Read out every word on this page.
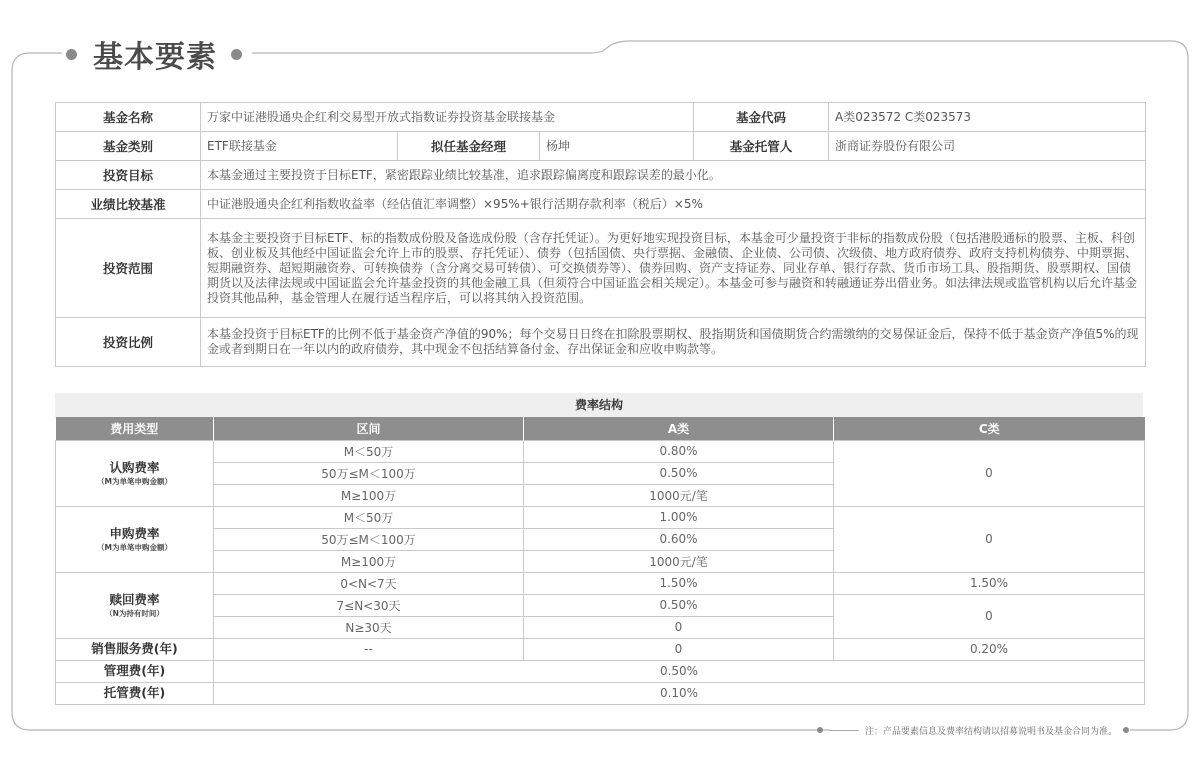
基本要素
基金名称	万家中证港股通央企红利交易型开放式指数证券投资基金联接基金			基金代码	A类023572 C类023573
基金类别	ETF联接基金	拟任基金经理	杨坤	基金托管人	浙商证券股份有限公司
投资目标	本基金通过主要投资于目标ETF，紧密跟踪业绩比较基准，追求跟踪偏离度和跟踪误差的最小化。				
业绩比较基准	中证港股通央企红利指数收益率（经估值汇率调整）×95%+银行活期存款利率（税后）×5%				
投资范围	本基金主要投资于目标ETF、标的指数成份股及备选成份股（含存托凭证）。为更好地实现投资目标，本基金可少量投资于非标的指数成份股（包括港股通标的股票、主板、科创板、创业板及其他经中国证监会允许上市的股票、存托凭证）、债券（包括国债、央行票据、金融债、企业债、公司债、次级债、地方政府债券、政府支持机构债券、中期票据、短期融资券、超短期融资券、可转换债券（含分离交易可转债）、可交换债券等）、债券回购、资产支持证券、同业存单、银行存款、货币市场工具、股指期货、股票期权、国债期货以及法律法规或中国证监会允许基金投资的其他金融工具（但须符合中国证监会相关规定）。本基金可参与融资和转融通证券出借业务。如法律法规或监管机构以后允许基金投资其他品种，基金管理人在履行适当程序后，可以将其纳入投资范围。				
投资比例	本基金投资于目标ETF的比例不低于基金资产净值的90%；每个交易日日终在扣除股票期权、股指期货和国债期货合约需缴纳的交易保证金后，保持不低于基金资产净值5%的现金或者到期日在一年以内的政府债券，其中现金不包括结算备付金、存出保证金和应收申购款等。				
费率结构
费用类型	区间	A类	C类
认购费率
（M为单笔申购金额）	M＜50万	0.80%	0
	50万≤M＜100万	0.50%	
	M≥100万	1000元/笔	
申购费率
（M为单笔申购金额）	M＜50万	1.00%	0
	50万≤M＜100万	0.60%	
	M≥100万	1000元/笔	
赎回费率
（N为持有时间）	0<N<7天	1.50%	1.50%
	7≤N<30天	0.50%	0
	N≥30天	0	
销售服务费(年)	--	0	0.20%
管理费(年)	0.50%		
托管费(年)	0.10%		
注：产品要素信息及费率结构请以招募说明书及基金合同为准。
